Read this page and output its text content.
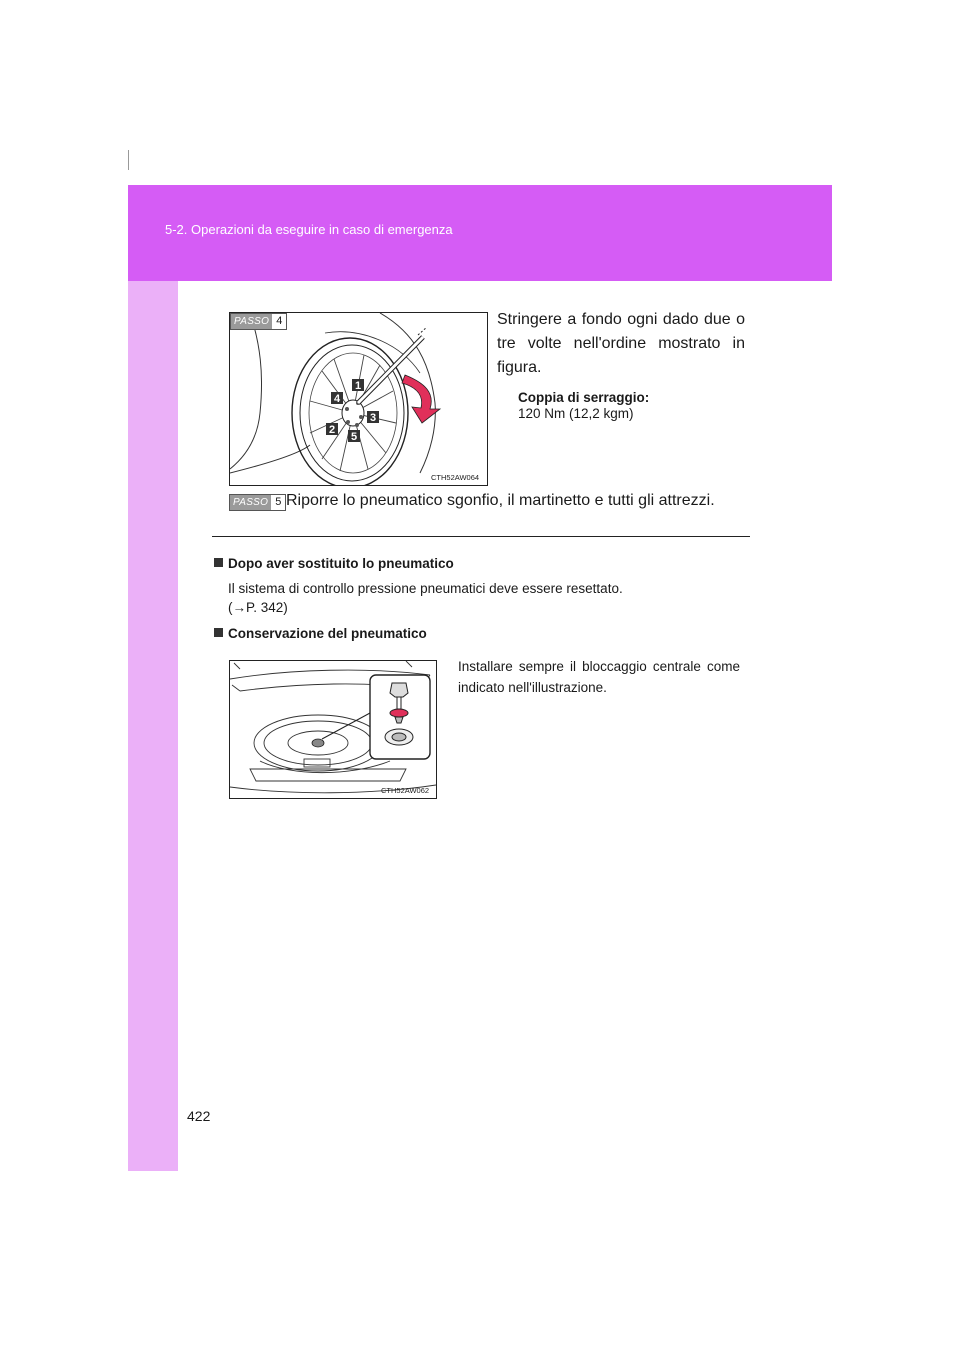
5-2. Operazioni da eseguire in caso di emergenza
1
2
3
4
5
PASSO 4
CTH52AW064
Stringere a fondo ogni dado due o tre volte nell'ordine mostrato in figura.
Coppia di serraggio:
120 Nm (12,2 kgm)
PASSO 5 Riporre lo pneumatico sgonfio, il martinetto e tutti gli attrezzi.
Dopo aver sostituito lo pneumatico
Il sistema di controllo pressione pneumatici deve essere resettato.
(→P. 342)
Conservazione del pneumatico
CTH52AW062
Installare sempre il bloccaggio centrale come indicato nell'illustrazione.
422
